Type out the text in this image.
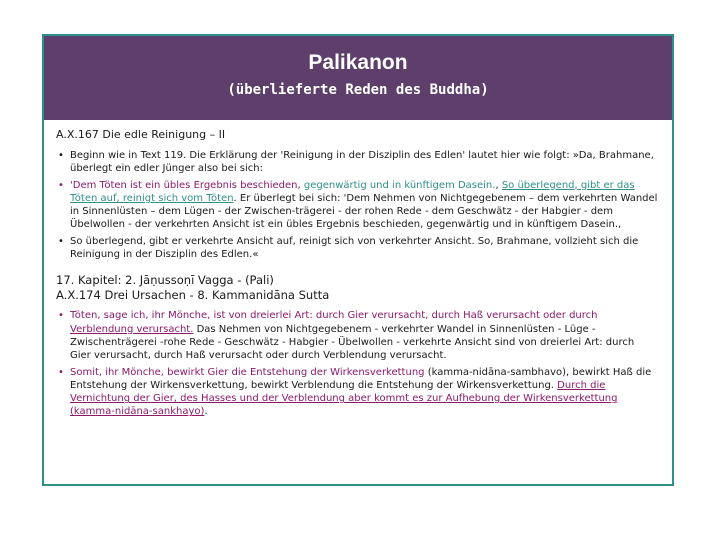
Palikanon
(überlieferte Reden des Buddha)

A.X.167 Die edle Reinigung – II

• Beginn wie in Text 119. Die Erklärung der 'Reinigung in der Disziplin des Edlen' lautet hier wie folgt: »Da, Brahmane, überlegt ein edler Jünger also bei sich:
• 'Dem Töten ist ein übles Ergebnis beschieden, gegenwärtig und in künftigem Dasein., So überlegend, gibt er das Töten auf, reinigt sich vom Töten. Er überlegt bei sich: 'Dem Nehmen von Nichtgegebenem – dem verkehrten Wandel in Sinnenlüsten – dem Lügen - der Zwischen-trägerei - der rohen Rede - dem Geschwätz - der Habgier - dem Übelwollen - der verkehrten Ansicht ist ein übles Ergebnis beschieden, gegenwärtig und in künftigem Dasein.,
• So überlegend, gibt er verkehrte Ansicht auf, reinigt sich von verkehrter Ansicht. So, Brahmane, vollzieht sich die Reinigung in der Disziplin des Edlen.«

17. Kapitel: 2. Jāṇussoṇī Vagga - (Pali)

A.X.174 Drei Ursachen - 8. Kammanidāna Sutta

• Töten, sage ich, ihr Mönche, ist von dreierlei Art: durch Gier verursacht, durch Haß verursacht oder durch Verblendung verursacht. Das Nehmen von Nichtgegebenem - verkehrter Wandel in Sinnenlüsten - Lüge - Zwischenträgerei -rohe Rede - Geschwätz - Habgier - Übelwollen - verkehrte Ansicht sind von dreierlei Art: durch Gier verursacht, durch Haß verursacht oder durch Verblendung verursacht.
• Somit, ihr Mönche, bewirkt Gier die Entstehung der Wirkensverkettung (kamma-nidāna-sambhavo), bewirkt Haß die Entstehung der Wirkensverkettung, bewirkt Verblendung die Entstehung der Wirkensverkettung. Durch die Vernichtung der Gier, des Hasses und der Verblendung aber kommt es zur Aufhebung der Wirkensverkettung (kamma-nidāna-sankhayo).
